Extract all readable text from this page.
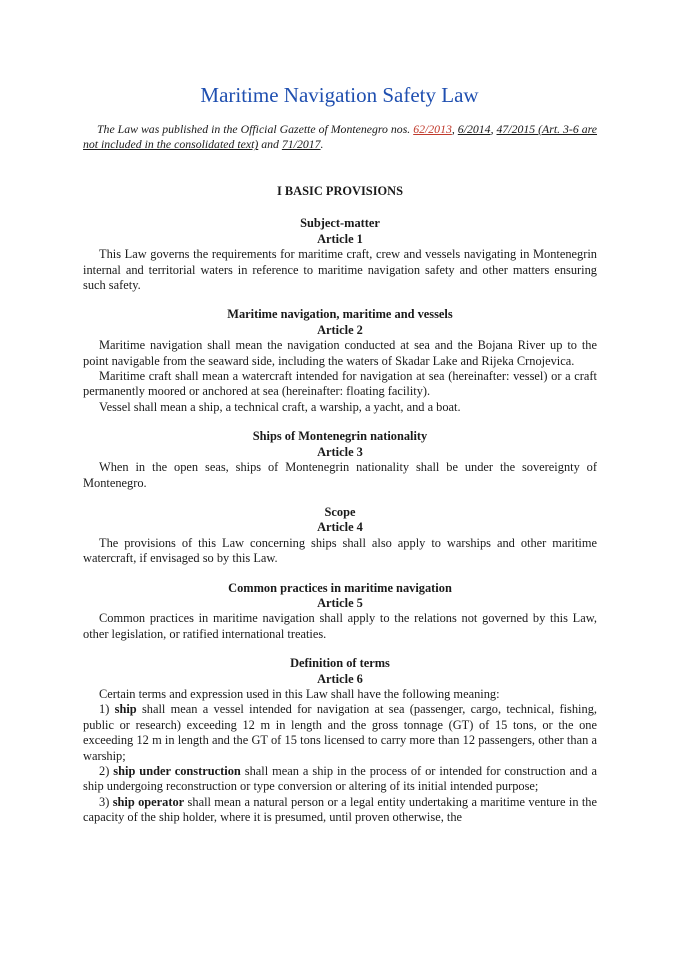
Maritime Navigation Safety Law

The Law was published in the Official Gazette of Montenegro nos. 62/2013, 6/2014, 47/2015 (Art. 3-6 are not included in the consolidated text) and 71/2017.

I BASIC PROVISIONS

Subject-matter

Article 1

This Law governs the requirements for maritime craft, crew and vessels navigating in Montenegrin internal and territorial waters in reference to maritime navigation safety and other matters ensuring such safety.

Maritime navigation, maritime and vessels

Article 2

Maritime navigation shall mean the navigation conducted at sea and the Bojana River up to the point navigable from the seaward side, including the waters of Skadar Lake and Rijeka Crnojevica.

Maritime craft shall mean a watercraft intended for navigation at sea (hereinafter: vessel) or a craft permanently moored or anchored at sea (hereinafter: floating facility).

Vessel shall mean a ship, a technical craft, a warship, a yacht, and a boat.

Ships of Montenegrin nationality

Article 3

When in the open seas, ships of Montenegrin nationality shall be under the sovereignty of Montenegro.

Scope

Article 4

The provisions of this Law concerning ships shall also apply to warships and other maritime watercraft, if envisaged so by this Law.

Common practices in maritime navigation

Article 5

Common practices in maritime navigation shall apply to the relations not governed by this Law, other legislation, or ratified international treaties.

Definition of terms

Article 6

Certain terms and expression used in this Law shall have the following meaning:

1) ship shall mean a vessel intended for navigation at sea (passenger, cargo, technical, fishing, public or research) exceeding 12 m in length and the gross tonnage (GT) of 15 tons, or the one exceeding 12 m in length and the GT of 15 tons licensed to carry more than 12 passengers, other than a warship;

2) ship under construction shall mean a ship in the process of or intended for construction and a ship undergoing reconstruction or type conversion or altering of its initial intended purpose;

3) ship operator shall mean a natural person or a legal entity undertaking a maritime venture in the capacity of the ship holder, where it is presumed, until proven otherwise, the
